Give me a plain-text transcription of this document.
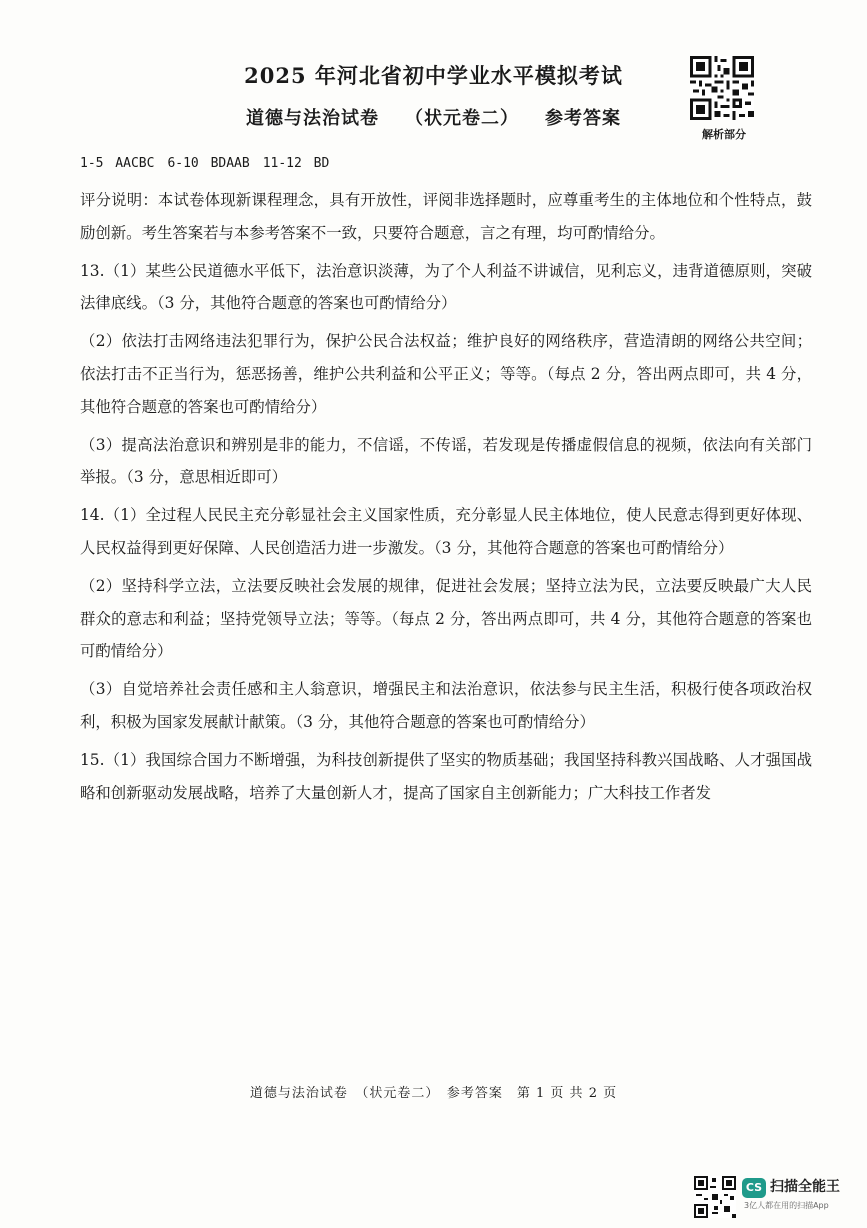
2025 年河北省初中学业水平模拟考试
道德与法治试卷 （状元卷二） 参考答案
解析部分
1-5 AACBC　6-10 BDAAB　11-12 BD

评分说明：本试卷体现新课程理念，具有开放性，评阅非选择题时，应尊重考生的主体地位和个性特点，鼓励创新。考生答案若与本参考答案不一致，只要符合题意，言之有理，均可酌情给分。

13.（1）某些公民道德水平低下，法治意识淡薄，为了个人利益不讲诚信，见利忘义，违背道德原则，突破法律底线。（3 分，其他符合题意的答案也可酌情给分）

（2）依法打击网络违法犯罪行为，保护公民合法权益；维护良好的网络秩序，营造清朗的网络公共空间；依法打击不正当行为，惩恶扬善，维护公共利益和公平正义；等等。（每点 2 分，答出两点即可，共 4 分，其他符合题意的答案也可酌情给分）

（3）提高法治意识和辨别是非的能力，不信谣，不传谣，若发现是传播虚假信息的视频，依法向有关部门举报。（3 分，意思相近即可）

14.（1）全过程人民民主充分彰显社会主义国家性质，充分彰显人民主体地位，使人民意志得到更好体现、人民权益得到更好保障、人民创造活力进一步激发。（3 分，其他符合题意的答案也可酌情给分）

（2）坚持科学立法，立法要反映社会发展的规律，促进社会发展；坚持立法为民，立法要反映最广大人民群众的意志和利益；坚持党领导立法；等等。（每点 2 分，答出两点即可，共 4 分，其他符合题意的答案也可酌情给分）

（3）自觉培养社会责任感和主人翁意识，增强民主和法治意识，依法参与民主生活，积极行使各项政治权利，积极为国家发展献计献策。（3 分，其他符合题意的答案也可酌情给分）

15.（1）我国综合国力不断增强，为科技创新提供了坚实的物质基础；我国坚持科教兴国战略、人才强国战略和创新驱动发展战略，培养了大量创新人才，提高了国家自主创新能力；广大科技工作者发

道德与法治试卷　（状元卷二）　参考答案　第 1 页 共 2 页
CS 扫描全能王
3亿人都在用的扫描App
